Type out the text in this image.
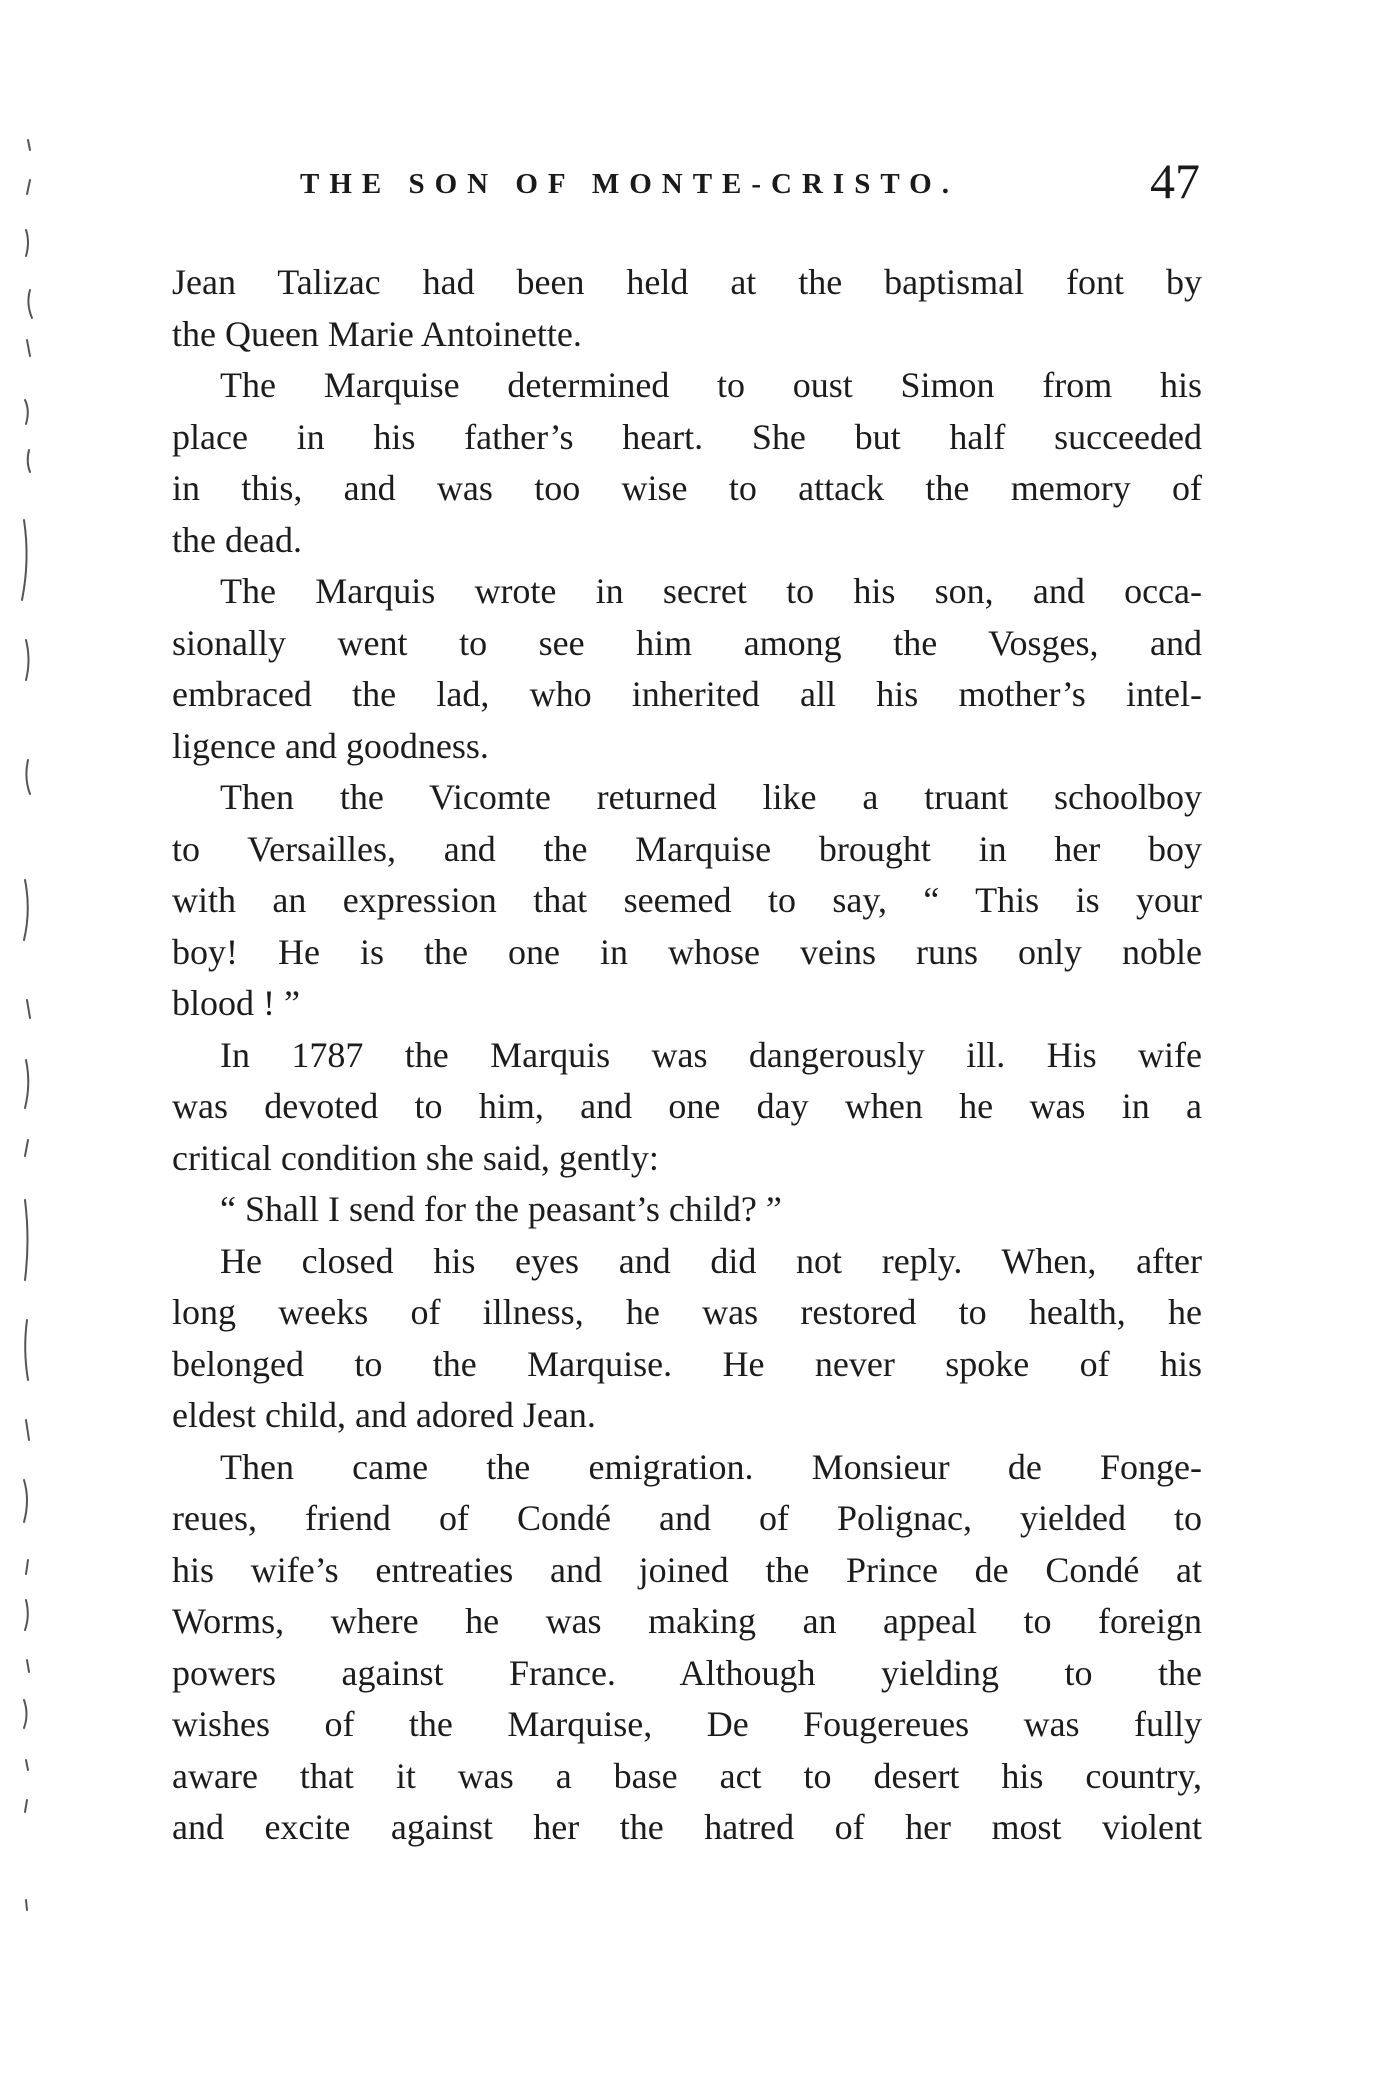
THE SON OF MONTE-CRISTO.	47
Jean Talizac had been held at the baptismal font by
the Queen Marie Antoinette.
The Marquise determined to oust Simon from his
place in his father’s heart. She but half succeeded
in this, and was too wise to attack the memory of
the dead.
The Marquis wrote in secret to his son, and occa-
sionally went to see him among the Vosges, and
embraced the lad, who inherited all his mother’s intel-
ligence and goodness.
Then the Vicomte returned like a truant schoolboy
to Versailles, and the Marquise brought in her boy
with an expression that seemed to say, “ This is your
boy! He is the one in whose veins runs only noble
blood ! ”
In 1787 the Marquis was dangerously ill. His wife
was devoted to him, and one day when he was in a
critical condition she said, gently:
“ Shall I send for the peasant’s child? ”
He closed his eyes and did not reply. When, after
long weeks of illness, he was restored to health, he
belonged to the Marquise. He never spoke of his
eldest child, and adored Jean.
Then came the emigration. Monsieur de Fonge-
reues, friend of Condé and of Polignac, yielded to
his wife’s entreaties and joined the Prince de Condé at
Worms, where he was making an appeal to foreign
powers against France. Although yielding to the
wishes of the Marquise, De Fougereues was fully
aware that it was a base act to desert his country,
and excite against her the hatred of her most violent
